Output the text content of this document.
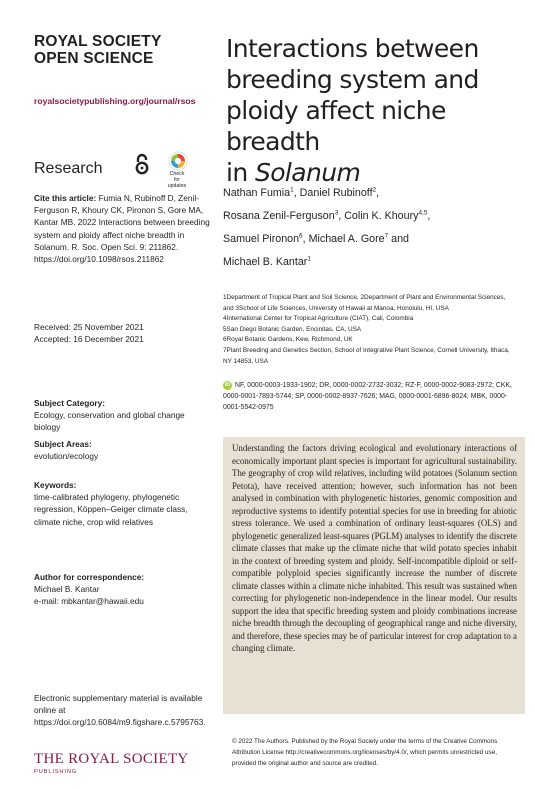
ROYAL SOCIETY
OPEN SCIENCE
royalsocietypublishing.org/journal/rsos
Research	Check for updates
Cite this article: Fumia N, Rubinoff D, Zenil-Ferguson R, Khoury CK, Pironon S, Gore MA, Kantar MB. 2022 Interactions between breeding system and ploidy affect niche breadth in Solanum. R. Soc. Open Sci. 9: 211862. https://doi.org/10.1098/rsos.211862
Received: 25 November 2021
Accepted: 16 December 2021
Subject Category:
Ecology, conservation and global change biology
Subject Areas:
evolution/ecology
Keywords:
time-calibrated phylogeny, phylogenetic regression, Köppen–Geiger climate class, climate niche, crop wild relatives
Author for correspondence:
Michael B. Kantar
e-mail: mbkantar@hawaii.edu
Electronic supplementary material is available online at https://doi.org/10.6084/m9.figshare.c.5795763.
THE ROYAL SOCIETY
PUBLISHING
Interactions between
breeding system and
ploidy affect niche breadth
in Solanum
Nathan Fumia$^1$, Daniel Rubinoff$^2$,
Rosana Zenil-Ferguson$^3$, Colin K. Khoury$^{4,5}$,
Samuel Pironon$^6$, Michael A. Gore$^7$ and
Michael B. Kantar$^1$
1Department of Tropical Plant and Soil Science, 2Department of Plant and Environmental Sciences, and 3School of Life Sciences, University of Hawaii at Manoa, Honolulu, HI, USA
4International Center for Tropical Agriculture (CIAT), Cali, Colombia
5San Diego Botanic Garden, Encinitas, CA, USA
6Royal Botanic Gardens, Kew, Richmond, UK
7Plant Breeding and Genetics Section, School of Integrative Plant Science, Cornell University, Ithaca, NY 14853, USA
iD NF, 0000-0003-1933-1902; DR, 0000-0002-2732-3032; RZ-F, 0000-0002-9083-2972; CKK, 0000-0001-7893-5744; SP, 0000-0002-8937-7626; MAG, 0000-0001-6896-8024; MBK, 0000-0001-5542-0975
Understanding the factors driving ecological and evolutionary interactions of economically important plant species is important for agricultural sustainability. The geography of crop wild relatives, including wild potatoes (Solanum section Petota), have received attention; however, such information has not been analysed in combination with phylogenetic histories, genomic composition and reproductive systems to identify potential species for use in breeding for abiotic stress tolerance. We used a combination of ordinary least-squares (OLS) and phylogenetic generalized least-squares (PGLM) analyses to identify the discrete climate classes that make up the climate niche that wild potato species inhabit in the context of breeding system and ploidy. Self-incompatible diploid or self-compatible polyploid species significantly increase the number of discrete climate classes within a climate niche inhabited. This result was sustained when correcting for phylogenetic non-independence in the linear model. Our results support the idea that specific breeding system and ploidy combinations increase niche breadth through the decoupling of geographical range and niche diversity, and therefore, these species may be of particular interest for crop adaptation to a changing climate.
© 2022 The Authors. Published by the Royal Society under the terms of the Creative Commons Attribution License http://creativecommons.org/licenses/by/4.0/, which permits unrestricted use, provided the original author and source are credited.
